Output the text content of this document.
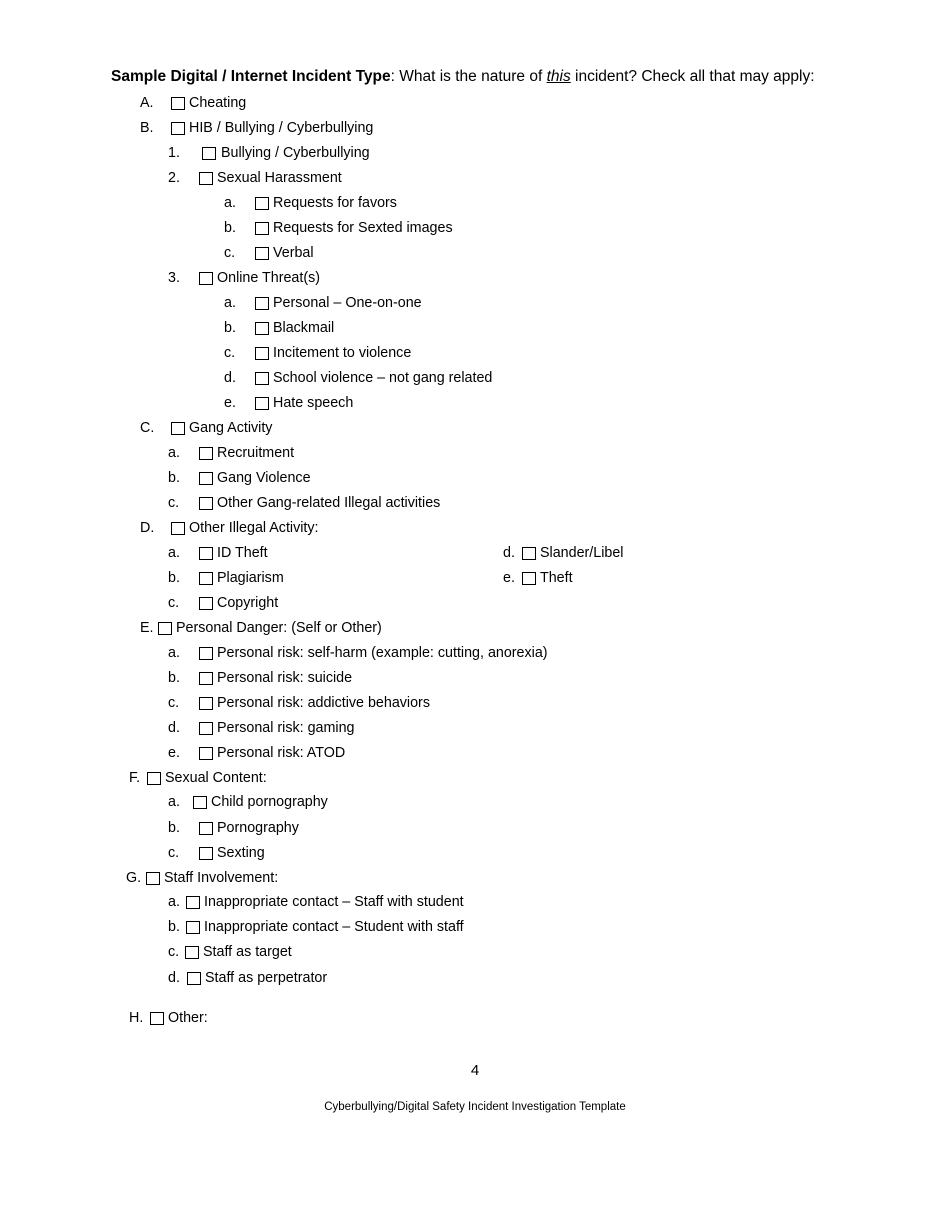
Sample Digital / Internet Incident Type: What is the nature of this incident? Check all that may apply:
A. Cheating
B. HIB / Bullying / Cyberbullying
1.	Bullying / Cyberbullying
2.	Sexual Harassment
a.	Requests for favors
b.	Requests for Sexted images
c.	Verbal
3.	Online Threat(s)
a.	Personal – One-on-one
b.	Blackmail
c.	Incitement to violence
d.	School violence – not gang related
e.	Hate speech
C. Gang Activity
a.	Recruitment
b.	Gang Violence
c.	Other Gang-related Illegal activities
D. Other Illegal Activity:
a.	ID Theft
b.	Plagiarism
c.	Copyright
d. Slander/Libel
e. Theft
E. Personal Danger: (Self or Other)
a.	Personal risk: self-harm (example: cutting, anorexia)
b.	Personal risk: suicide
c.	Personal risk: addictive behaviors
d.	Personal risk: gaming
e.	Personal risk: ATOD
F. Sexual Content:
a. Child pornography
b.	Pornography
c.	Sexting
G. Staff Involvement:
a. Inappropriate contact – Staff with student
b. Inappropriate contact – Student with staff
c. Staff as target
d. Staff as perpetrator
H. Other:
4
Cyberbullying/Digital Safety Incident Investigation Template
